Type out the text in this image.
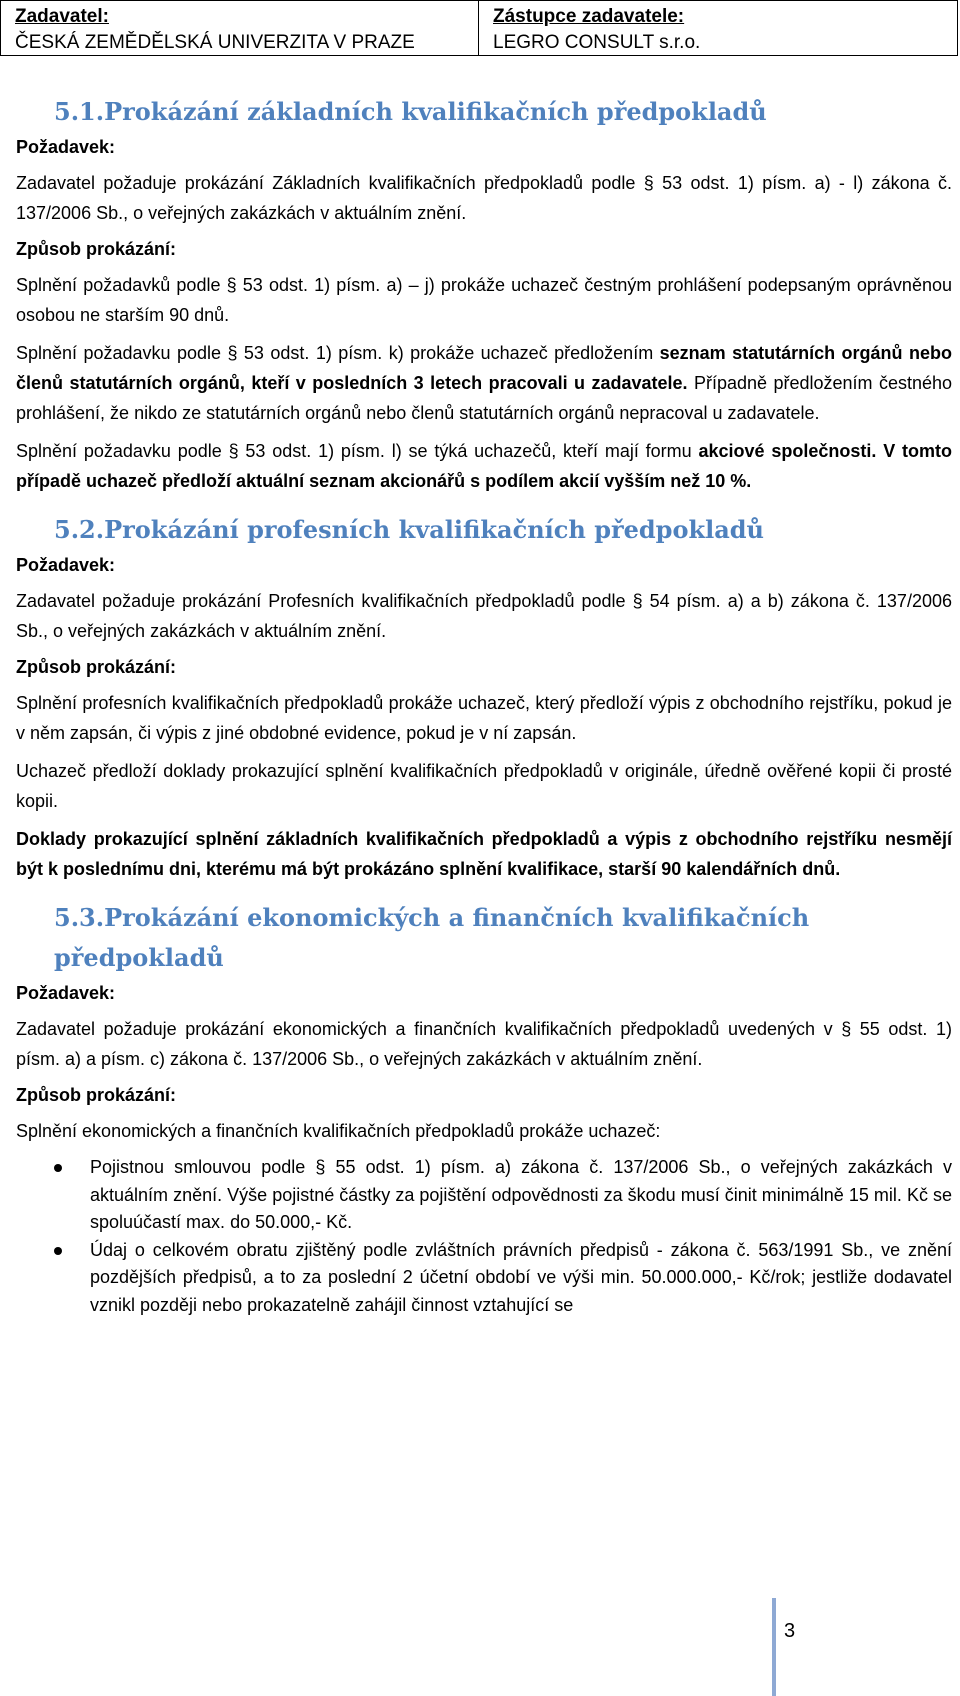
Zadavatel:
ČESKÁ ZEMĚDĚLSKÁ UNIVERZITA V PRAZE
Zástupce zadavatele:
LEGRO CONSULT s.r.o.
5.1.Prokázání základních kvalifikačních předpokladů

Požadavek:

Zadavatel požaduje prokázání Základních kvalifikačních předpokladů podle § 53 odst. 1) písm. a) - l) zákona č. 137/2006 Sb., o veřejných zakázkách v aktuálním znění.

Způsob prokázání:

Splnění požadavků podle § 53 odst. 1) písm. a) – j) prokáže uchazeč čestným prohlášení podepsaným oprávněnou osobou ne starším 90 dnů.

Splnění požadavku podle § 53 odst. 1) písm. k) prokáže uchazeč předložením seznam statutárních orgánů nebo členů statutárních orgánů, kteří v posledních 3 letech pracovali u zadavatele. Případně předložením čestného prohlášení, že nikdo ze statutárních orgánů nebo členů statutárních orgánů nepracoval u zadavatele.

Splnění požadavku podle § 53 odst. 1) písm. l) se týká uchazečů, kteří mají formu akciové společnosti. V tomto případě uchazeč předloží aktuální seznam akcionářů s podílem akcií vyšším než 10 %.

5.2.Prokázání profesních kvalifikačních předpokladů

Požadavek:

Zadavatel požaduje prokázání Profesních kvalifikačních předpokladů podle § 54 písm. a) a b) zákona č. 137/2006 Sb., o veřejných zakázkách v aktuálním znění.

Způsob prokázání:

Splnění profesních kvalifikačních předpokladů prokáže uchazeč, který předloží výpis z obchodního rejstříku, pokud je v něm zapsán, či výpis z jiné obdobné evidence, pokud je v ní zapsán.

Uchazeč předloží doklady prokazující splnění kvalifikačních předpokladů v originále, úředně ověřené kopii či prosté kopii.

Doklady prokazující splnění základních kvalifikačních předpokladů a výpis z obchodního rejstříku nesmějí být k poslednímu dni, kterému má být prokázáno splnění kvalifikace, starší 90 kalendářních dnů.

5.3.Prokázání ekonomických a finančních kvalifikačních předpokladů

Požadavek:

Zadavatel požaduje prokázání ekonomických a finančních kvalifikačních předpokladů uvedených v § 55 odst. 1) písm. a) a písm. c) zákona č. 137/2006 Sb., o veřejných zakázkách v aktuálním znění.

Způsob prokázání:

Splnění ekonomických a finančních kvalifikačních předpokladů prokáže uchazeč:

Pojistnou smlouvou podle § 55 odst. 1) písm. a) zákona č. 137/2006 Sb., o veřejných zakázkách v aktuálním znění. Výše pojistné částky za pojištění odpovědnosti za škodu musí činit minimálně 15 mil. Kč se spoluúčastí max. do 50.000,- Kč.
Údaj o celkovém obratu zjištěný podle zvláštních právních předpisů - zákona č. 563/1991 Sb., ve znění pozdějších předpisů, a to za poslední 2 účetní období ve výši min. 50.000.000,- Kč/rok; jestliže dodavatel vznikl později nebo prokazatelně zahájil činnost vztahující se
3
